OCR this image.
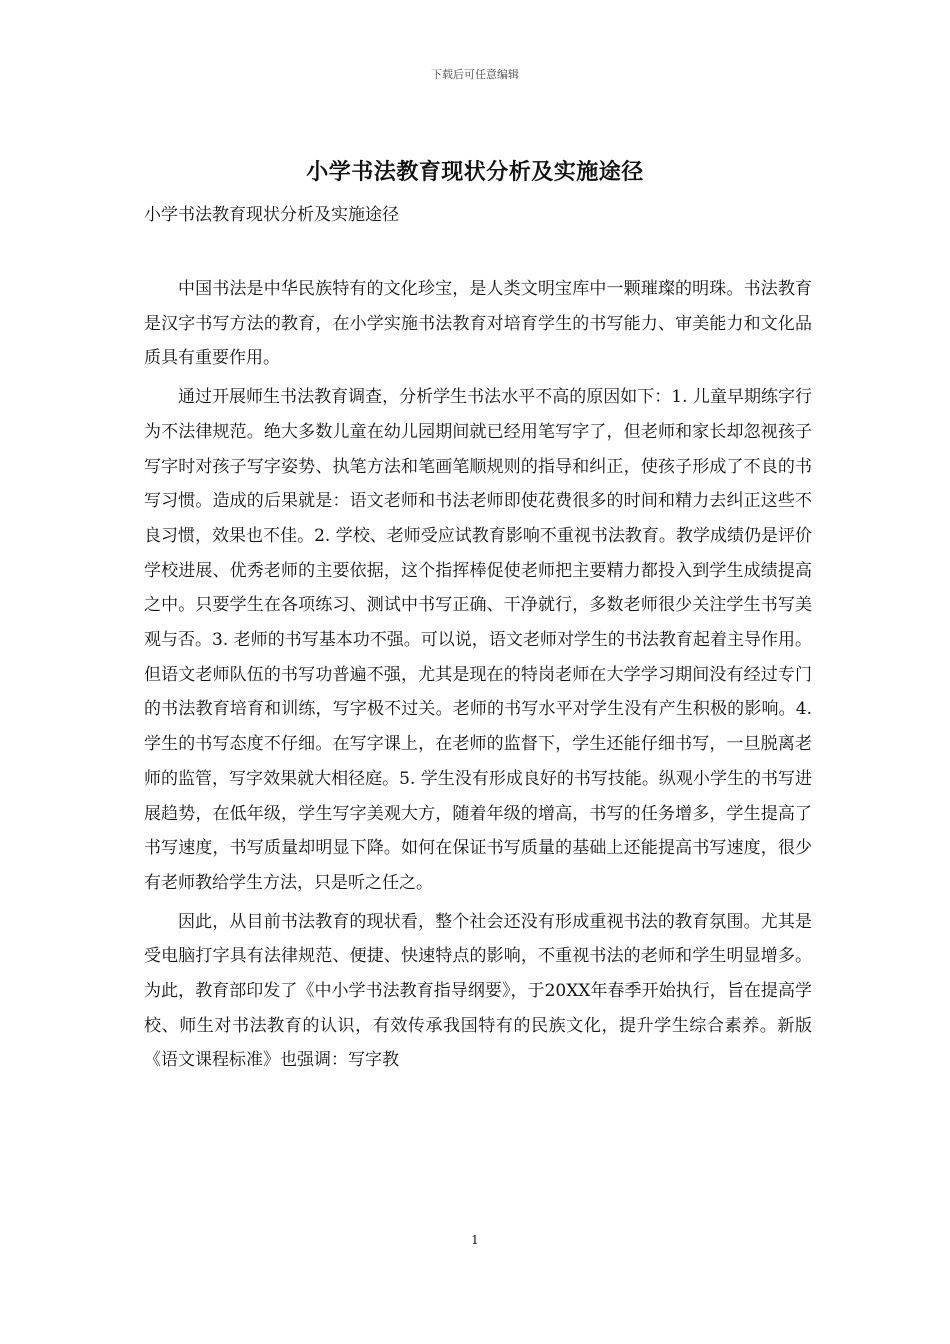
下载后可任意编辑
小学书法教育现状分析及实施途径
小学书法教育现状分析及实施途径

中国书法是中华民族特有的文化珍宝，是人类文明宝库中一颗璀璨的明珠。书法教育是汉字书写方法的教育，在小学实施书法教育对培育学生的书写能力、审美能力和文化品质具有重要作用。

通过开展师生书法教育调查，分析学生书法水平不高的原因如下：1. 儿童早期练字行为不法律规范。绝大多数儿童在幼儿园期间就已经用笔写字了，但老师和家长却忽视孩子写字时对孩子写字姿势、执笔方法和笔画笔顺规则的指导和纠正，使孩子形成了不良的书写习惯。造成的后果就是：语文老师和书法老师即使花费很多的时间和精力去纠正这些不良习惯，效果也不佳。2. 学校、老师受应试教育影响不重视书法教育。教学成绩仍是评价学校进展、优秀老师的主要依据，这个指挥棒促使老师把主要精力都投入到学生成绩提高之中。只要学生在各项练习、测试中书写正确、干净就行，多数老师很少关注学生书写美观与否。3. 老师的书写基本功不强。可以说，语文老师对学生的书法教育起着主导作用。但语文老师队伍的书写功普遍不强，尤其是现在的特岗老师在大学学习期间没有经过专门的书法教育培育和训练，写字极不过关。老师的书写水平对学生没有产生积极的影响。4. 学生的书写态度不仔细。在写字课上，在老师的监督下，学生还能仔细书写，一旦脱离老师的监管，写字效果就大相径庭。5. 学生没有形成良好的书写技能。纵观小学生的书写进展趋势，在低年级，学生写字美观大方，随着年级的增高，书写的任务增多，学生提高了书写速度，书写质量却明显下降。如何在保证书写质量的基础上还能提高书写速度，很少有老师教给学生方法，只是听之任之。

因此，从目前书法教育的现状看，整个社会还没有形成重视书法的教育氛围。尤其是受电脑打字具有法律规范、便捷、快速特点的影响，不重视书法的老师和学生明显增多。为此，教育部印发了《中小学书法教育指导纲要》，于20XX年春季开始执行，旨在提高学校、师生对书法教育的认识，有效传承我国特有的民族文化，提升学生综合素养。新版《语文课程标准》也强调：写字教

1
